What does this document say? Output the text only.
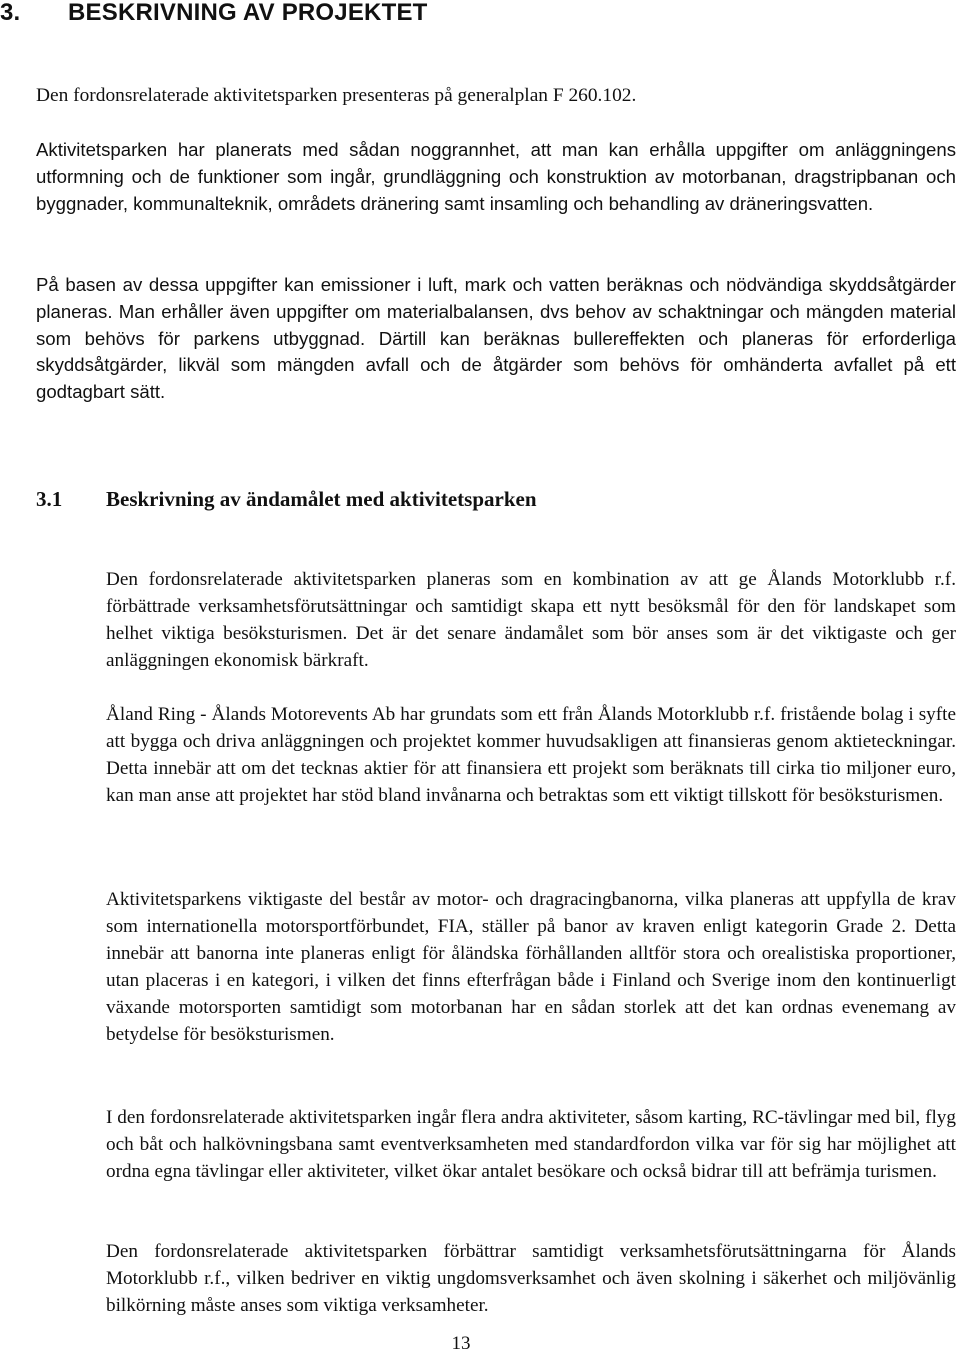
3. BESKRIVNING AV PROJEKTET

Den fordonsrelaterade aktivitetsparken presenteras på generalplan F 260.102.

Aktivitetsparken har planerats med sådan noggrannhet, att man kan erhålla uppgifter om anläggningens utformning och de funktioner som ingår, grundläggning och konstruktion av motorbanan, dragstripbanan och byggnader, kommunalteknik, områdets dränering samt insamling och behandling av dräneringsvatten.

På basen av dessa uppgifter kan emissioner i luft, mark och vatten beräknas och nödvändiga skyddsåtgärder planeras. Man erhåller även uppgifter om materialbalansen, dvs behov av schaktningar och mängden material som behövs för parkens utbyggnad. Därtill kan beräknas bullereffekten och planeras för erforderliga skyddsåtgärder, likväl som mängden avfall och de åtgärder som behövs för omhänderta avfallet på ett godtagbart sätt.

3.1 Beskrivning av ändamålet med aktivitetsparken

Den fordonsrelaterade aktivitetsparken planeras som en kombination av att ge Ålands Motorklubb r.f. förbättrade verksamhetsförutsättningar och samtidigt skapa ett nytt besöksmål för den för landskapet som helhet viktiga besöksturismen. Det är det senare ändamålet som bör anses som är det viktigaste och ger anläggningen ekonomisk bärkraft.

Åland Ring - Ålands Motorevents Ab har grundats som ett från Ålands Motorklubb r.f. fristående bolag i syfte att bygga och driva anläggningen och projektet kommer huvudsakligen att finansieras genom aktieteckningar. Detta innebär att om det tecknas aktier för att finansiera ett projekt som beräknats till cirka tio miljoner euro, kan man anse att projektet har stöd bland invånarna och betraktas som ett viktigt tillskott för besöksturismen.

Aktivitetsparkens viktigaste del består av motor- och dragracingbanorna, vilka planeras att uppfylla de krav som internationella motorsportförbundet, FIA, ställer på banor av kraven enligt kategorin Grade 2. Detta innebär att banorna inte planeras enligt för åländska förhållanden alltför stora och orealistiska proportioner, utan placeras i en kategori, i vilken det finns efterfrågan både i Finland och Sverige inom den kontinuerligt växande motorsporten samtidigt som motorbanan har en sådan storlek att det kan ordnas evenemang av betydelse för besöksturismen.

I den fordonsrelaterade aktivitetsparken ingår flera andra aktiviteter, såsom karting, RC-tävlingar med bil, flyg och båt och halkövningsbana samt eventverksamheten med standardfordon vilka var för sig har möjlighet att ordna egna tävlingar eller aktiviteter, vilket ökar antalet besökare och också bidrar till att befrämja turismen.

Den fordonsrelaterade aktivitetsparken förbättrar samtidigt verksamhetsförutsättningarna för Ålands Motorklubb r.f., vilken bedriver en viktig ungdomsverksamhet och även skolning i säkerhet och miljövänlig bilkörning måste anses som viktiga verksamheter.

13
